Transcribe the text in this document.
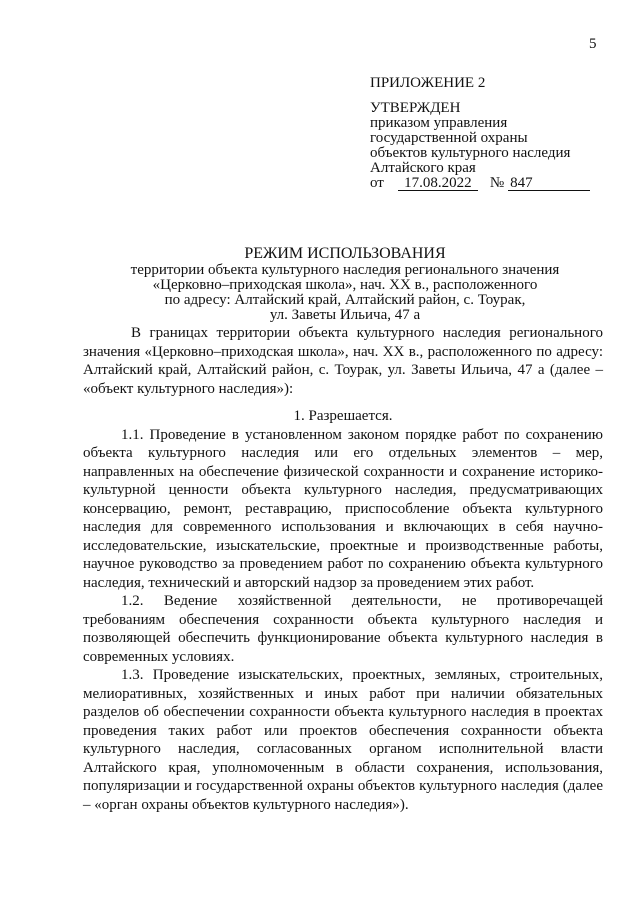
5
ПРИЛОЖЕНИЕ 2
УТВЕРЖДЕН
приказом управления
государственной охраны
объектов культурного наследия
Алтайского края
от	17.08.2022	№ 847
РЕЖИМ ИСПОЛЬЗОВАНИЯ
территории объекта культурного наследия регионального значения
«Церковно–приходская школа», нач. XX в., расположенного
по адресу: Алтайский край, Алтайский район, с. Тоурак,
ул. Заветы Ильича, 47 а

В границах территории объекта культурного наследия регионального значения «Церковно–приходская школа», нач. XX в., расположенного по адресу: Алтайский край, Алтайский район, с. Тоурак, ул. Заветы Ильича, 47 а (далее – «объект культурного наследия»):

1. Разрешается.

1.1. Проведение в установленном законом порядке работ по сохранению объекта культурного наследия или его отдельных элементов – мер, направленных на обеспечение физической сохранности и сохранение историко-культурной ценности объекта культурного наследия, предусматривающих консервацию, ремонт, реставрацию, приспособление объекта культурного наследия для современного использования и включающих в себя научно-исследовательские, изыскательские, проектные и производственные работы, научное руководство за проведением работ по сохранению объекта культурного наследия, технический и авторский надзор за проведением этих работ.

1.2. Ведение хозяйственной деятельности, не противоречащей требованиям обеспечения сохранности объекта культурного наследия и позволяющей обеспечить функционирование объекта культурного наследия в современных условиях.

1.3. Проведение изыскательских, проектных, земляных, строительных, мелиоративных, хозяйственных и иных работ при наличии обязательных разделов об обеспечении сохранности объекта культурного наследия в проектах проведения таких работ или проектов обеспечения сохранности объекта культурного наследия, согласованных органом исполнительной власти Алтайского края, уполномоченным в области сохранения, использования, популяризации и государственной охраны объектов культурного наследия (далее – «орган охраны объектов культурного наследия»).
